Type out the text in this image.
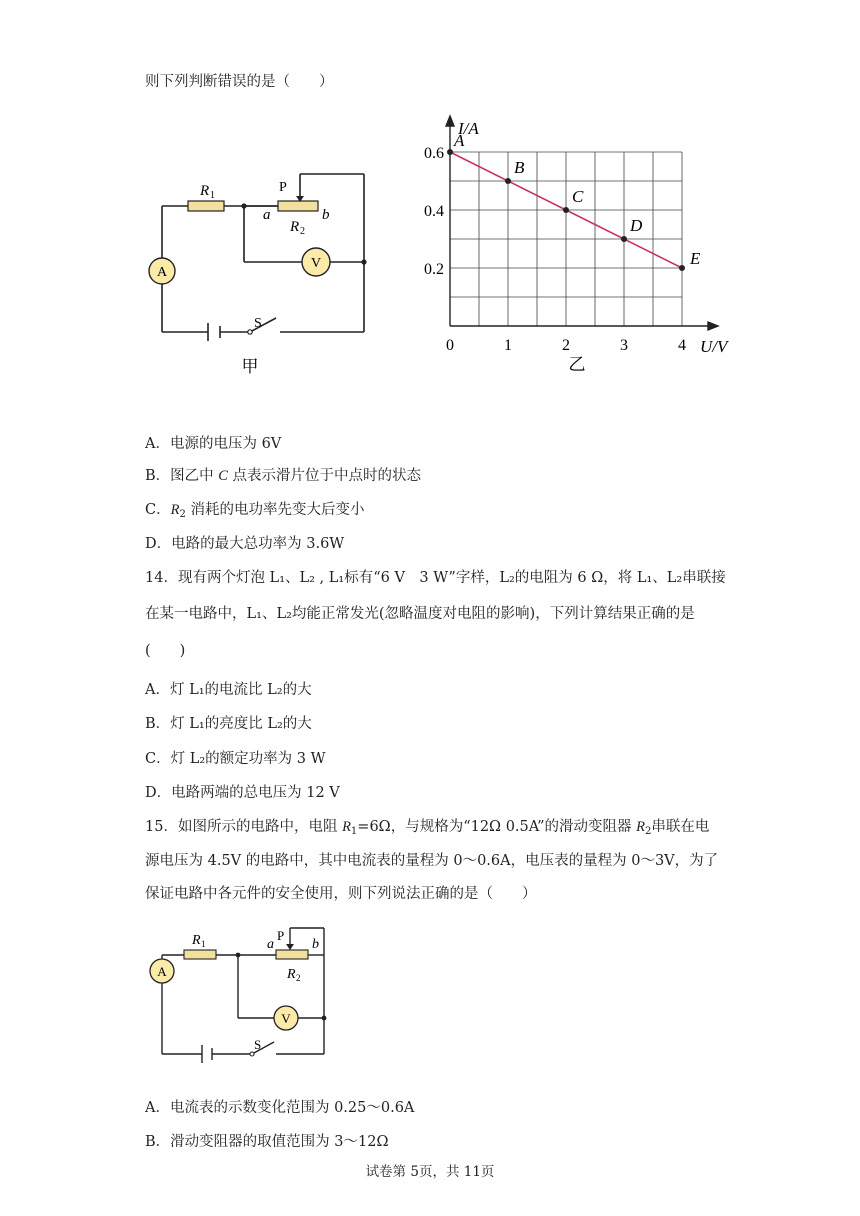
则下列判断错误的是（　　）
A
V
R 1
P
a	b
R 2
S
甲
0	1	2	3	4
0.2
0.4
0.6
A
B
C
D
E
I/A
U/V
乙
A．电源的电压为 6V
B．图乙中 C 点表示滑片位于中点时的状态
C．$R_2$ 消耗的电功率先变大后变小
D．电路的最大总功率为 3.6W
14．现有两个灯泡 L₁、L₂ , L₁标有“6 V　3 W”字样，L₂的电阻为 6 Ω，将 L₁、L₂串联接
在某一电路中，L₁、L₂均能正常发光(忽略温度对电阻的影响)，下列计算结果正确的是
(　　)
A．灯 L₁的电流比 L₂的大
B．灯 L₁的亮度比 L₂的大
C．灯 L₂的额定功率为 3 W
D．电路两端的总电压为 12 V
15．如图所示的电路中，电阻 $R_1=6\Omega$，与规格为“12Ω 0.5A”的滑动变阻器 $R_2$串联在电
源电压为 4.5V 的电路中，其中电流表的量程为 0～0.6A，电压表的量程为 0～3V，为了
保证电路中各元件的安全使用，则下列说法正确的是（　　）
A
V
R 1	a
P
b
R 2
S
A．电流表的示数变化范围为 0.25～0.6A
B．滑动变阻器的取值范围为 3～12Ω
试卷第 5页，共 11页
